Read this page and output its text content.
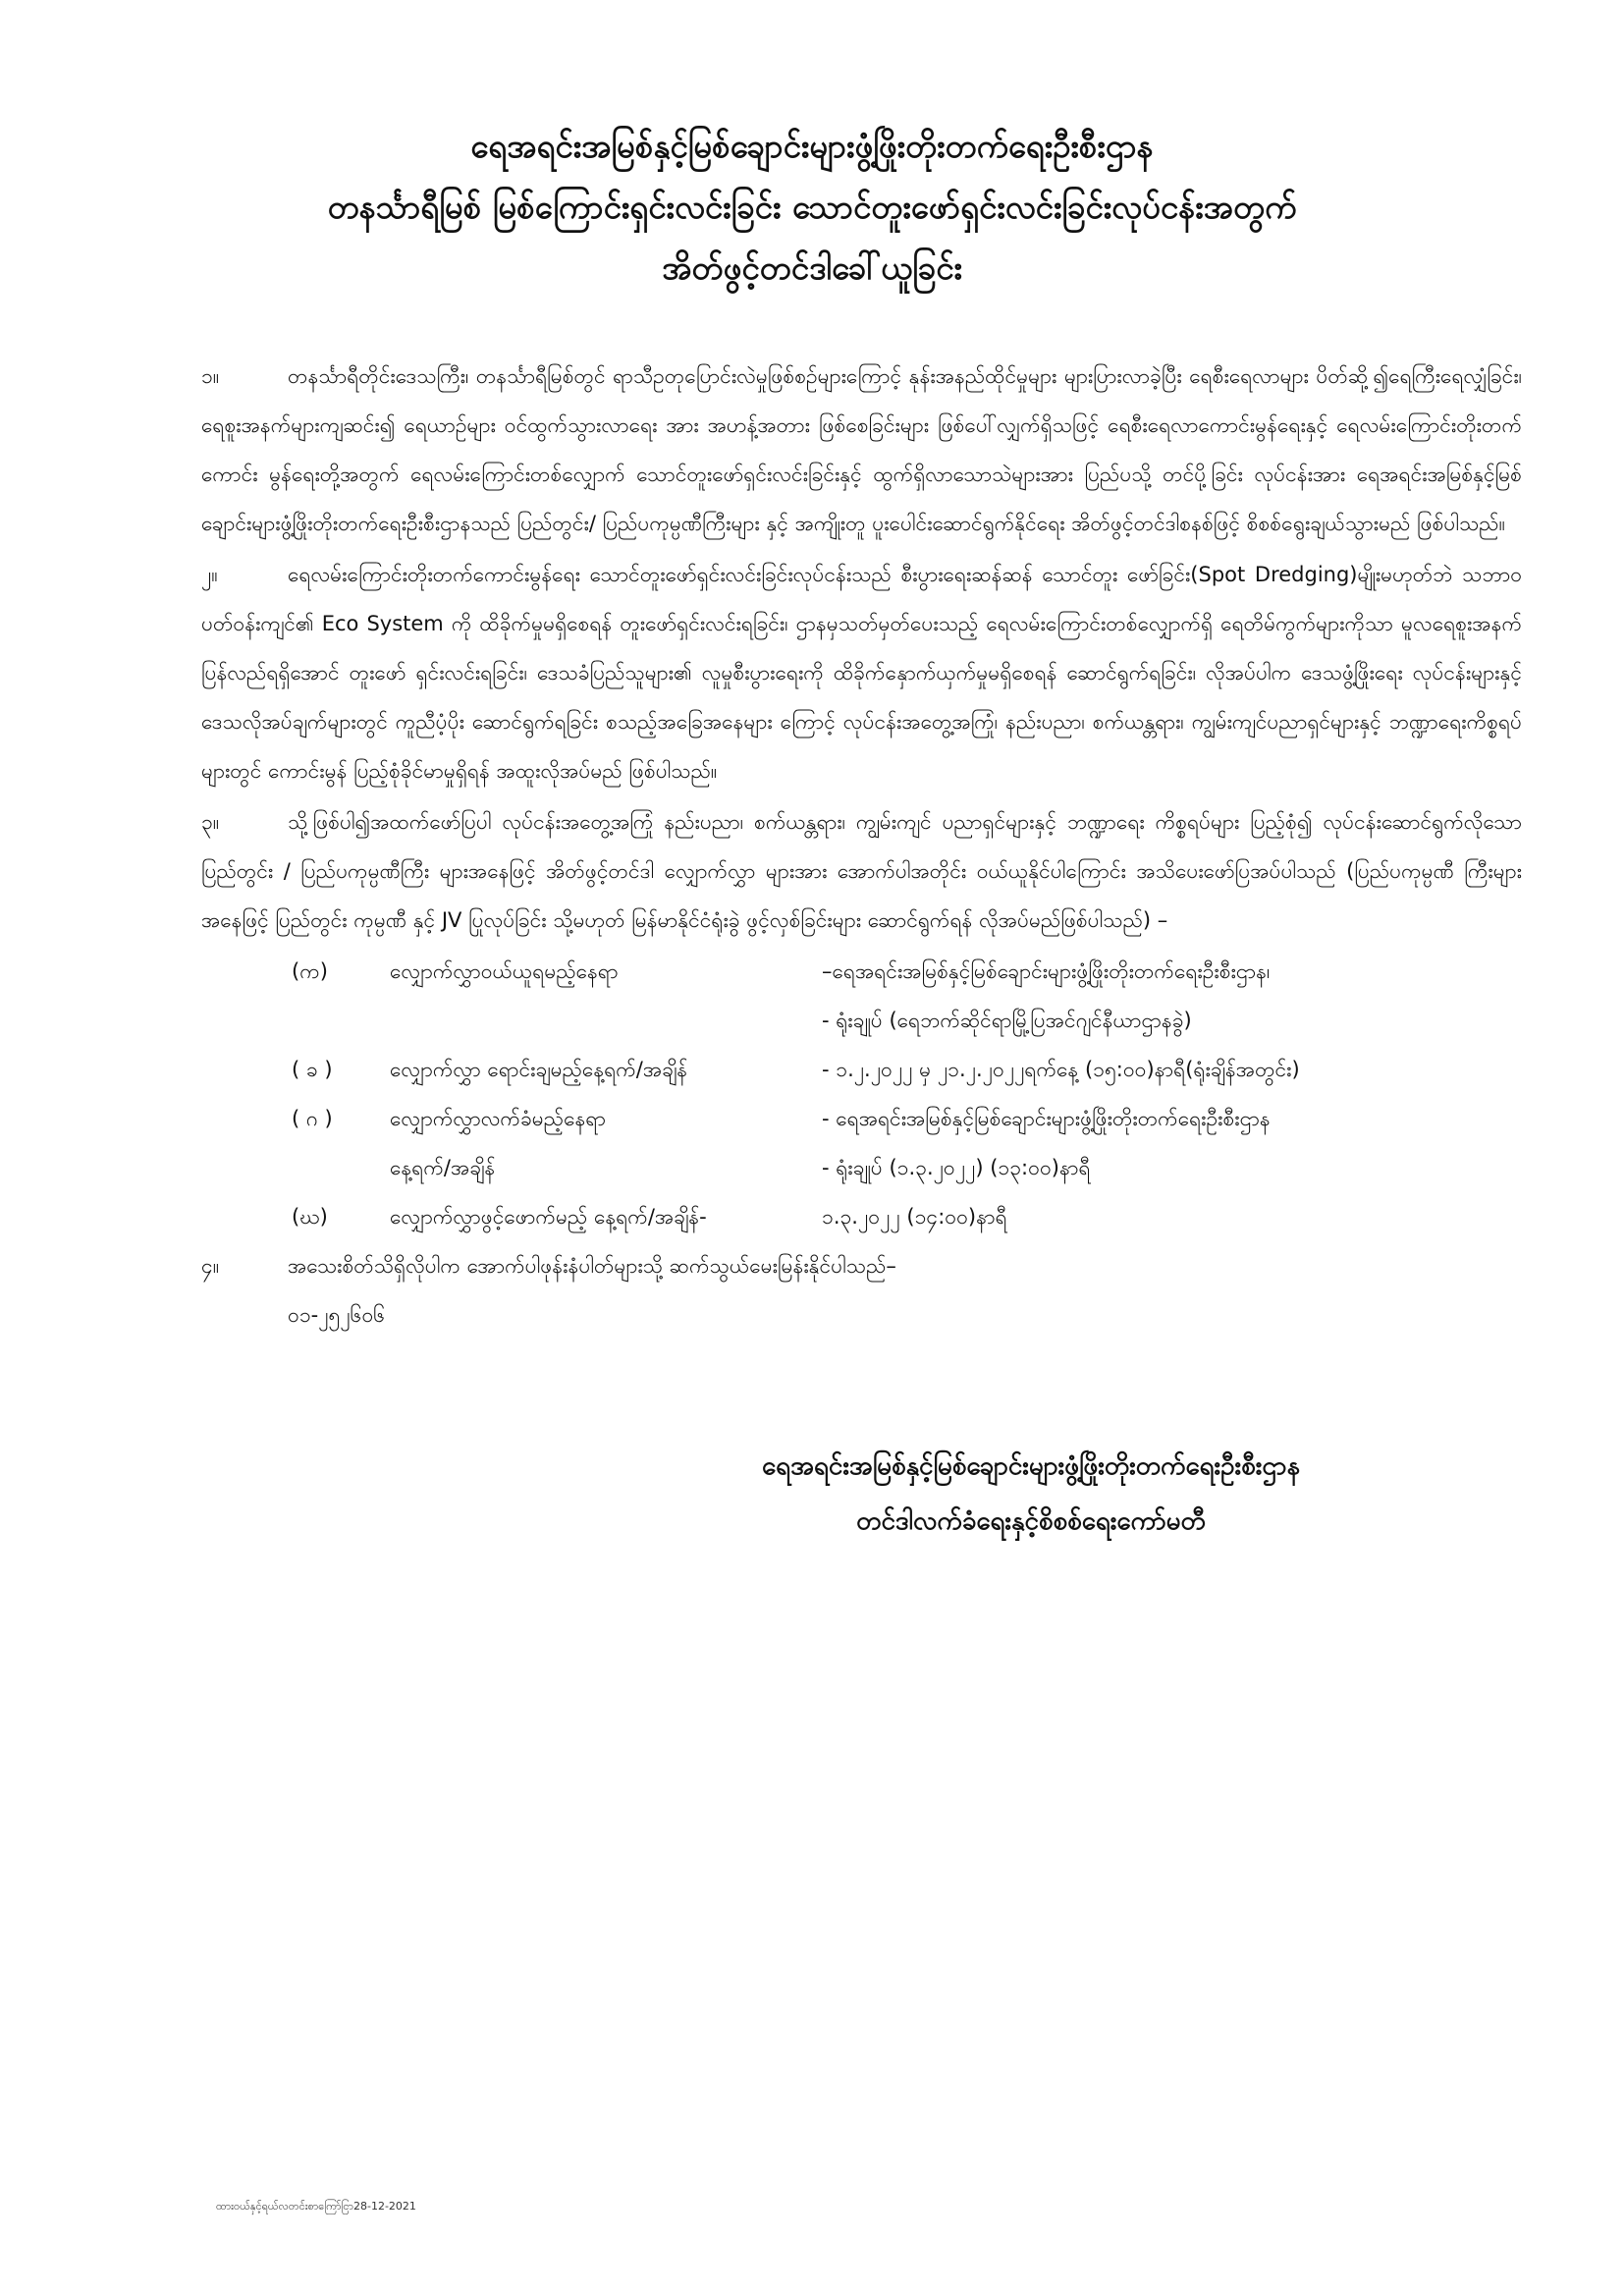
ရေအရင်းအမြစ်နှင့်မြစ်ချောင်းများဖွံ့ဖြိုးတိုးတက်ရေးဦးစီးဌာန
တနင်္သာရီမြစ် မြစ်ကြောင်းရှင်းလင်းခြင်း သောင်တူးဖော်ရှင်းလင်းခြင်းလုပ်ငန်းအတွက်
အိတ်ဖွင့်တင်ဒါခေါ်ယူခြင်း

၁။	တနင်္သာရီတိုင်းဒေသကြီး၊ တနင်္သာရီမြစ်တွင် ရာသီဥတုပြောင်းလဲမှုဖြစ်စဉ်များကြောင့် နုန်းအနည်ထိုင်မှုများ များပြားလာခဲ့ပြီး ရေစီးရေလာများ ပိတ်ဆို့၍ရေကြီးရေလျှံခြင်း၊ ရေစူးအနက်များကျဆင်း၍ ရေယာဉ်များ ဝင်ထွက်သွားလာရေး အား အဟန့်အတား ဖြစ်စေခြင်းများ ဖြစ်ပေါ်လျှက်ရှိသဖြင့် ရေစီးရေလာကောင်းမွန်ရေးနှင့် ရေလမ်းကြောင်းတိုးတက်ကောင်း မွန်ရေးတို့အတွက် ရေလမ်းကြောင်းတစ်လျှောက် သောင်တူးဖော်ရှင်းလင်းခြင်းနှင့် ထွက်ရှိလာသောသဲများအား ပြည်ပသို့ တင်ပို့ခြင်း လုပ်ငန်းအား ရေအရင်းအမြစ်နှင့်မြစ်ချောင်းများဖွံ့ဖြိုးတိုးတက်ရေးဦးစီးဌာနသည် ပြည်တွင်း/ ပြည်ပကုမ္ပဏီကြီးများ နှင့် အကျိုးတူ ပူးပေါင်းဆောင်ရွက်နိုင်ရေး အိတ်ဖွင့်တင်ဒါစနစ်ဖြင့် စိစစ်ရွေးချယ်သွားမည် ဖြစ်ပါသည်။

၂။	ရေလမ်းကြောင်းတိုးတက်ကောင်းမွန်ရေး သောင်တူးဖော်ရှင်းလင်းခြင်းလုပ်ငန်းသည် စီးပွားရေးဆန်ဆန် သောင်တူး ဖော်ခြင်း(Spot Dredging)မျိုးမဟုတ်ဘဲ သဘာဝပတ်ဝန်းကျင်၏ Eco System ကို ထိခိုက်မှုမရှိစေရန် တူးဖော်ရှင်းလင်းရခြင်း၊ ဌာနမှသတ်မှတ်ပေးသည့် ရေလမ်းကြောင်းတစ်လျှောက်ရှိ ရေတိမ်ကွက်များကိုသာ မူလရေစူးအနက် ပြန်လည်ရရှိအောင် တူးဖော် ရှင်းလင်းရခြင်း၊ ဒေသခံပြည်သူများ၏ လူမှုစီးပွားရေးကို ထိခိုက်နှောက်ယှက်မှုမရှိစေရန် ဆောင်ရွက်ရခြင်း၊ လိုအပ်ပါက ဒေသဖွံ့ဖြိုးရေး လုပ်ငန်းများနှင့် ဒေသလိုအပ်ချက်များတွင် ကူညီပံ့ပိုး ဆောင်ရွက်ရခြင်း စသည့်အခြေအနေများ ကြောင့် လုပ်ငန်းအတွေ့အကြုံ၊ နည်းပညာ၊ စက်ယန္တရား၊ ကျွမ်းကျင်ပညာရှင်များနှင့် ဘဏ္ဍာရေးကိစ္စရပ်များတွင် ကောင်းမွန် ပြည့်စုံခိုင်မာမှုရှိရန် အထူးလိုအပ်မည် ဖြစ်ပါသည်။

၃။	သို့ဖြစ်ပါ၍အထက်ဖော်ပြပါ လုပ်ငန်းအတွေ့အကြုံ နည်းပညာ၊ စက်ယန္တရား၊ ကျွမ်းကျင် ပညာရှင်များနှင့် ဘဏ္ဍာရေး ကိစ္စရပ်များ ပြည့်စုံ၍ လုပ်ငန်းဆောင်ရွက်လိုသော ပြည်တွင်း / ပြည်ပကုမ္ပဏီကြီး များအနေဖြင့် အိတ်ဖွင့်တင်ဒါ လျှောက်လွှာ များအား အောက်ပါအတိုင်း ဝယ်ယူနိုင်ပါကြောင်း အသိပေးဖော်ပြအပ်ပါသည် (ပြည်ပကုမ္ပဏီ ကြီးများအနေဖြင့် ပြည်တွင်း ကုမ္ပဏီ နှင့် JV ပြုလုပ်ခြင်း သို့မဟုတ် မြန်မာနိုင်ငံရုံးခွဲ ဖွင့်လှစ်ခြင်းများ ဆောင်ရွက်ရန် လိုအပ်မည်ဖြစ်ပါသည်) –

(က)	လျှောက်လွှာဝယ်ယူရမည့်နေရာ	–ရေအရင်းအမြစ်နှင့်မြစ်ချောင်းများဖွံ့ဖြိုးတိုးတက်ရေးဦးစီးဌာန၊
- ရုံးချုပ် (ရေဘက်ဆိုင်ရာမြို့ပြအင်ဂျင်နီယာဌာနခွဲ)
( ခ )	လျှောက်လွှာ ရောင်းချမည့်နေ့ရက်/အချိန်	- ၁.၂.၂၀၂၂ မှ ၂၁.၂.၂၀၂၂ရက်နေ့ (၁၅:၀၀)နာရီ(ရုံးချိန်အတွင်း)
( ဂ )	လျှောက်လွှာလက်ခံမည့်နေရာ	- ရေအရင်းအမြစ်နှင့်မြစ်ချောင်းများဖွံ့ဖြိုးတိုးတက်ရေးဦးစီးဌာန
နေ့ရက်/အချိန်	- ရုံးချုပ် (၁.၃.၂၀၂၂) (၁၃:၀၀)နာရီ
(ဃ)	လျှောက်လွှာဖွင့်ဖောက်မည့် နေ့ရက်/အချိန်-	၁.၃.၂၀၂၂ (၁၄:၀၀)နာရီ
၄။	အသေးစိတ်သိရှိလိုပါက အောက်ပါဖုန်းနံပါတ်များသို့ ဆက်သွယ်မေးမြန်းနိုင်ပါသည်–
၀၁-၂၅၂၆၀၆
ရေအရင်းအမြစ်နှင့်မြစ်ချောင်းများဖွံ့ဖြိုးတိုးတက်ရေးဦးစီးဌာန
တင်ဒါလက်ခံရေးနှင့်စိစစ်ရေးကော်မတီ
ထားဝယ်နှင့်ရယ်လတင်းစာကြော်ငြာ28-12-2021
